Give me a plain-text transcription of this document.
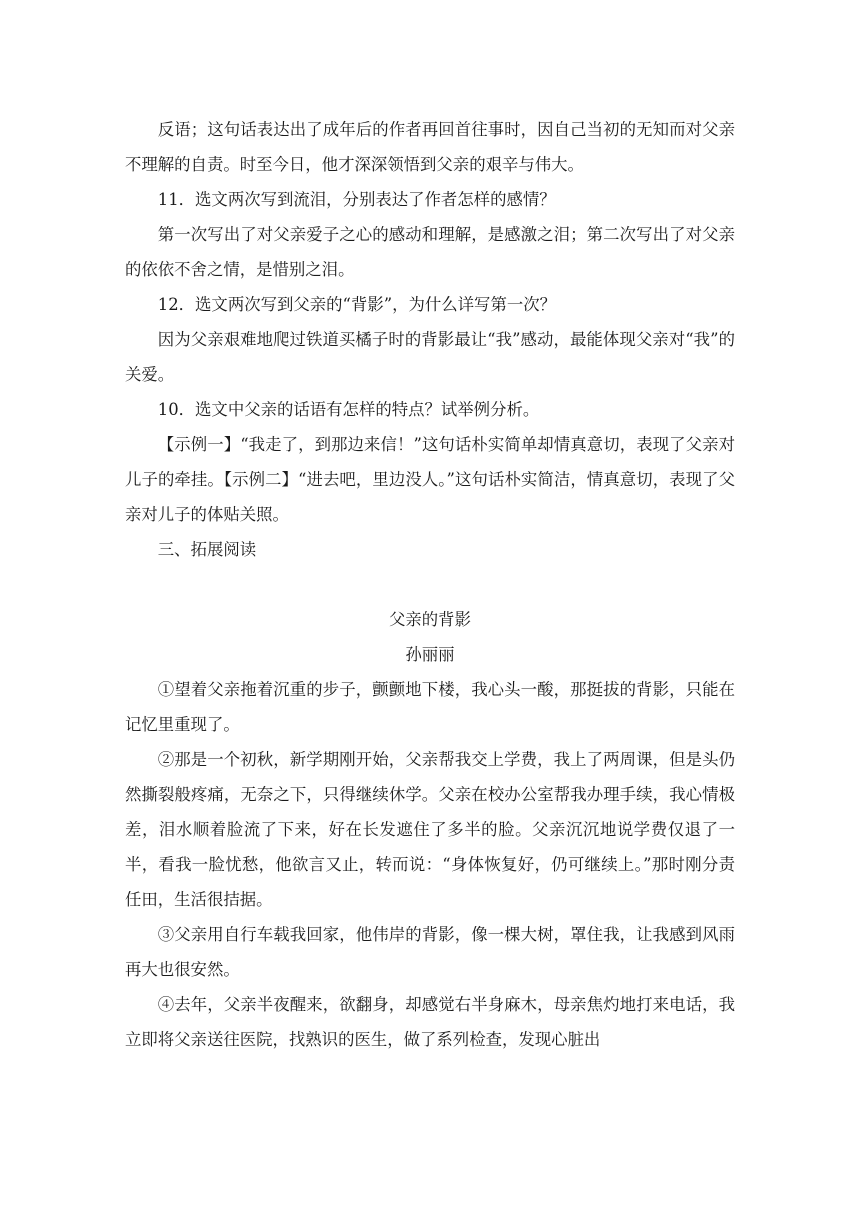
反语；这句话表达出了成年后的作者再回首往事时，因自己当初的无知而对父亲不理解的自责。时至今日，他才深深领悟到父亲的艰辛与伟大。

11．选文两次写到流泪，分别表达了作者怎样的感情？

第一次写出了对父亲爱子之心的感动和理解，是感激之泪；第二次写出了对父亲的依依不舍之情，是惜别之泪。

12．选文两次写到父亲的“背影”，为什么详写第一次？

因为父亲艰难地爬过铁道买橘子时的背影最让“我”感动，最能体现父亲对“我”的关爱。

10．选文中父亲的话语有怎样的特点？试举例分析。

【示例一】“我走了，到那边来信！”这句话朴实简单却情真意切，表现了父亲对儿子的牵挂。【示例二】“进去吧，里边没人。”这句话朴实简洁，情真意切，表现了父亲对儿子的体贴关照。

三、拓展阅读

父亲的背影

孙丽丽

①望着父亲拖着沉重的步子，颤颤地下楼，我心头一酸，那挺拔的背影，只能在记忆里重现了。

②那是一个初秋，新学期刚开始，父亲帮我交上学费，我上了两周课，但是头仍然撕裂般疼痛，无奈之下，只得继续休学。父亲在校办公室帮我办理手续，我心情极差，泪水顺着脸流了下来，好在长发遮住了多半的脸。父亲沉沉地说学费仅退了一半，看我一脸忧愁，他欲言又止，转而说：“身体恢复好，仍可继续上。”那时刚分责任田，生活很拮据。

③父亲用自行车载我回家，他伟岸的背影，像一棵大树，罩住我，让我感到风雨再大也很安然。

④去年，父亲半夜醒来，欲翻身，却感觉右半身麻木，母亲焦灼地打来电话，我立即将父亲送往医院，找熟识的医生，做了系列检查，发现心脏出
